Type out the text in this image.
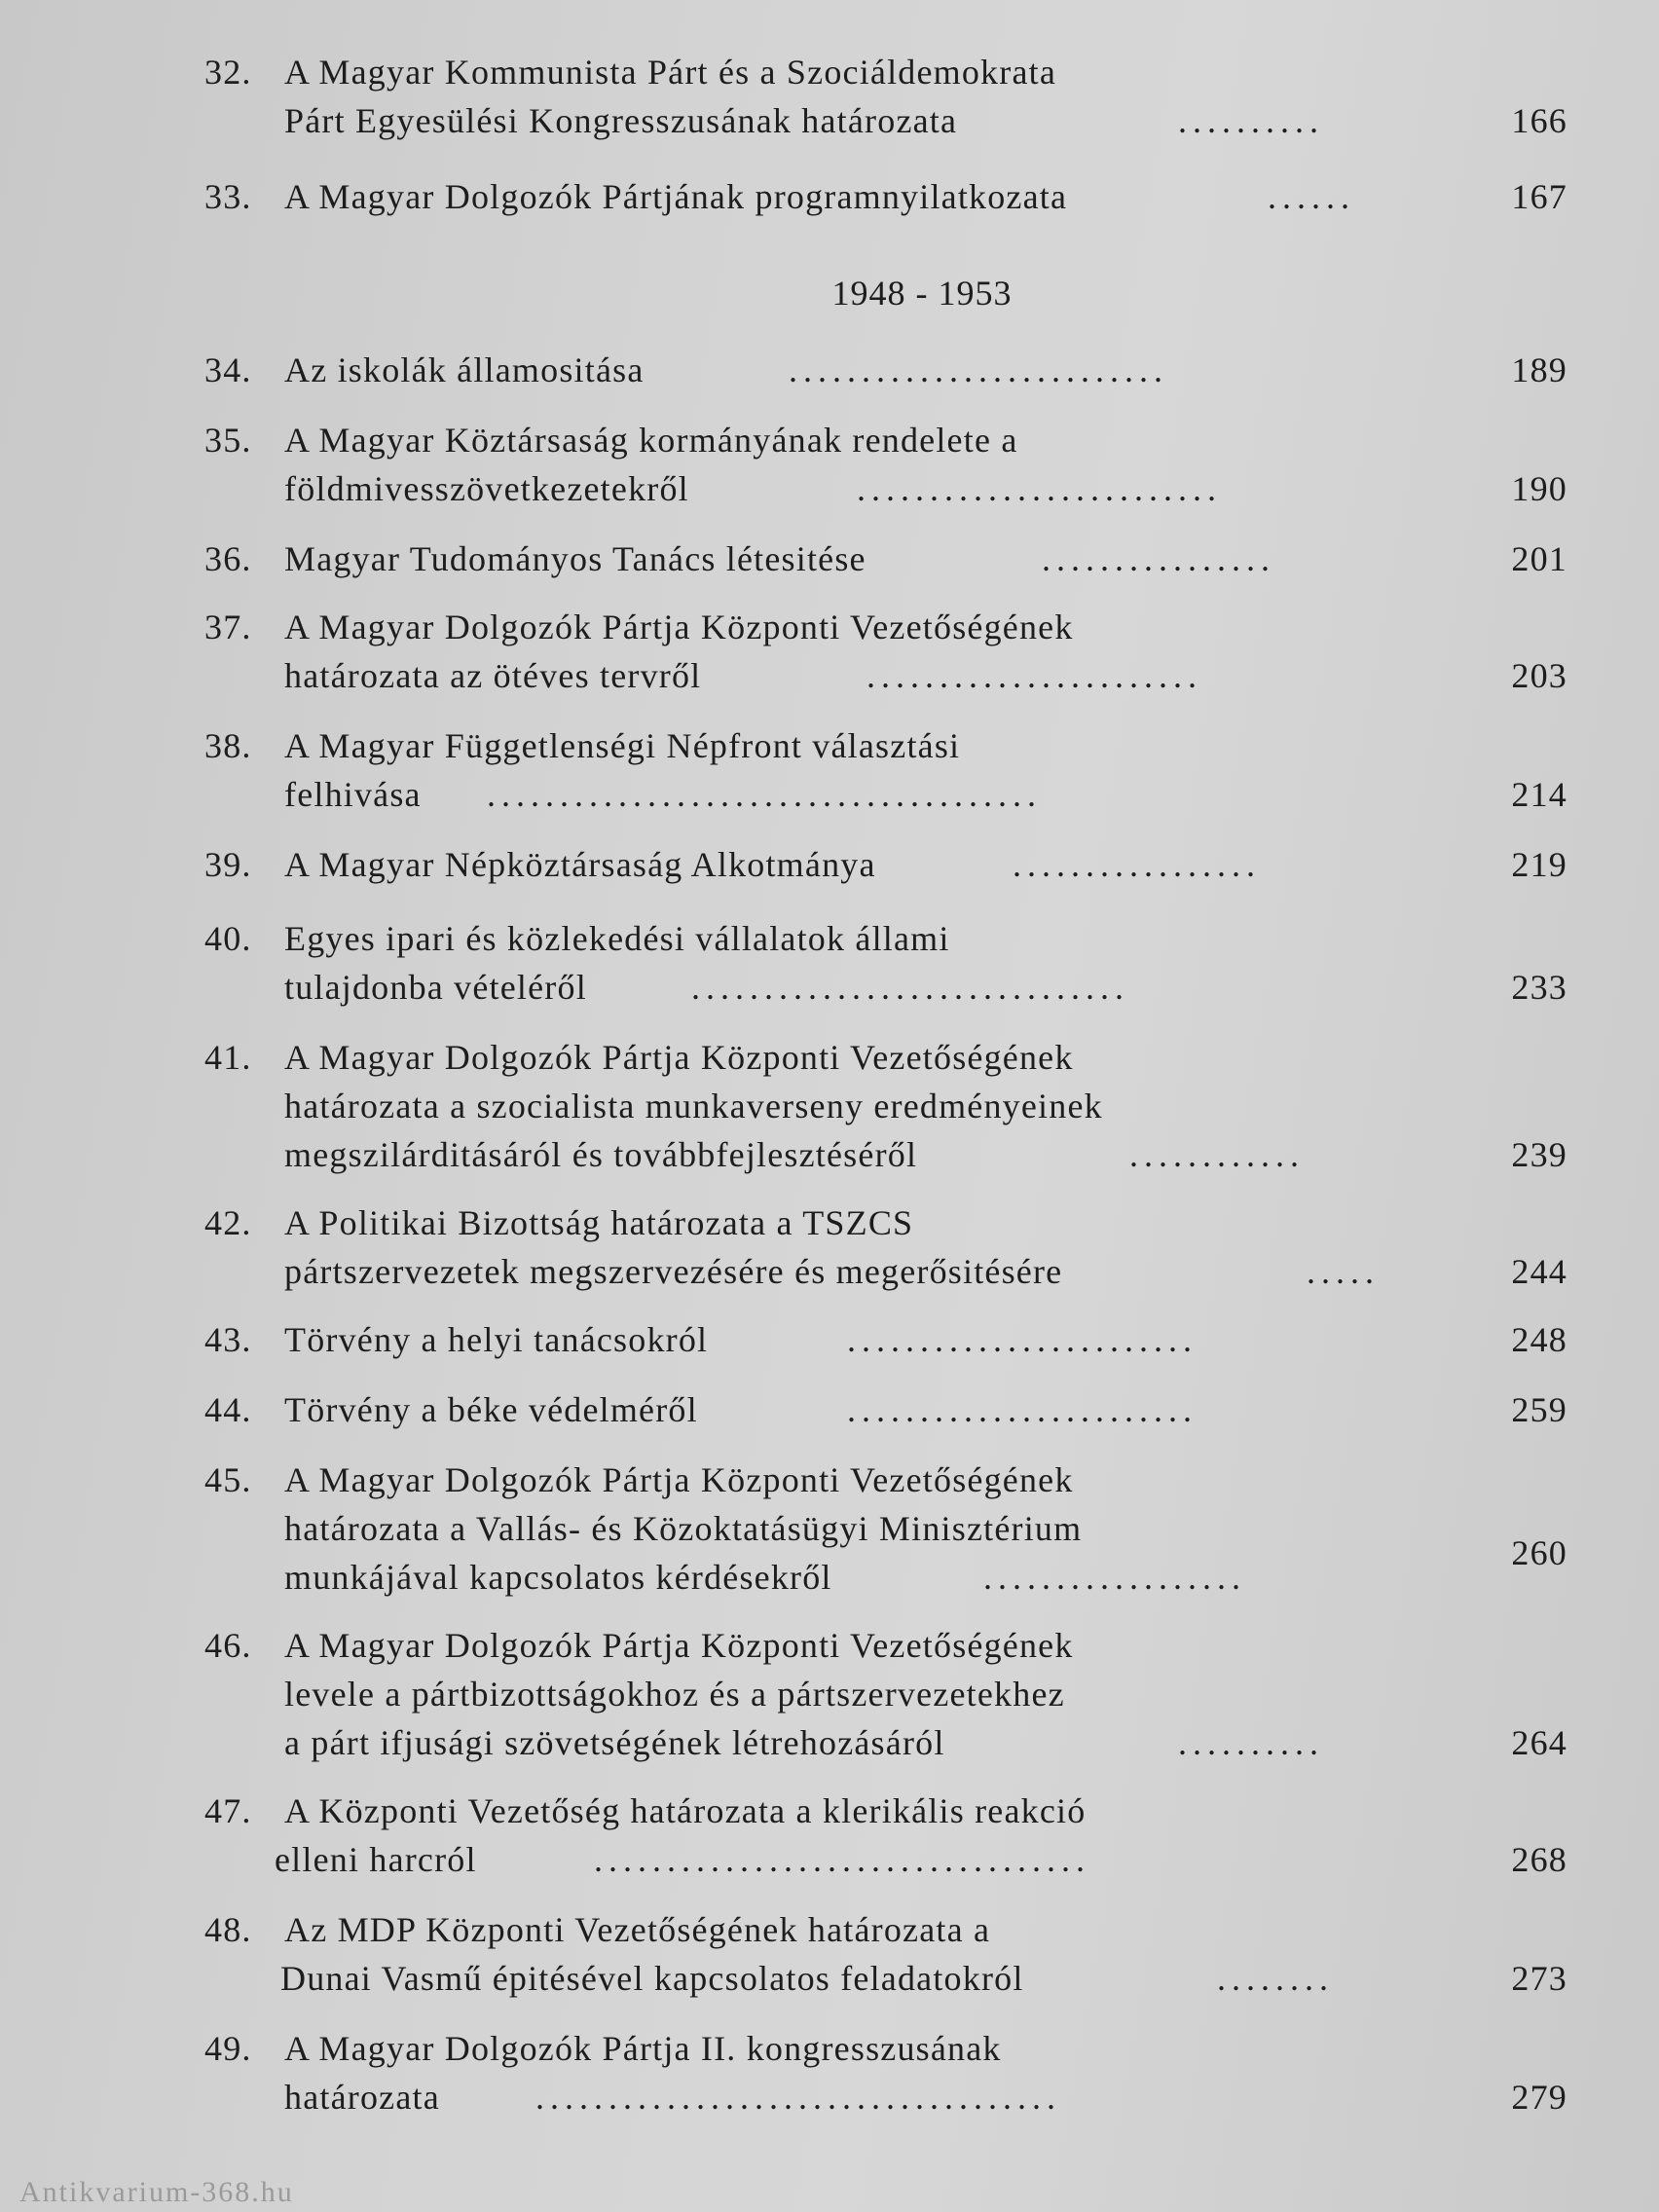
1948 - 1953
32. A Magyar Kommunista Párt és a Szociáldemokrata
Párt Egyesülési Kongresszusának határozata	..........	166
33. A Magyar Dolgozók Pártjának programnyilatkozata	......	167
34. Az iskolák államositása	..........................	189
35. A Magyar Köztársaság kormányának rendelete a
földmivesszövetkezetekről	.........................	190
36. Magyar Tudományos Tanács létesitése	................	201
37. A Magyar Dolgozók Pártja Központi Vezetőségének
határozata az ötéves tervről	.......................	203
38. A Magyar Függetlenségi Népfront választási
felhivása ......................................	214
39. A Magyar Népköztársaság Alkotmánya	.................	219
40. Egyes ipari és közlekedési vállalatok állami
tulajdonba vételéről	..............................	233
41. A Magyar Dolgozók Pártja Központi Vezetőségének
határozata a szocialista munkaverseny eredményeinek
megszilárditásáról és továbbfejlesztéséről	............	239
42. A Politikai Bizottság határozata a TSZCS
pártszervezetek megszervezésére és megerősitésére	.....	244
43. Törvény a helyi tanácsokról	........................	248
44. Törvény a béke védelméről	........................	259
45. A Magyar Dolgozók Pártja Központi Vezetőségének
határozata a Vallás- és Közoktatásügyi Minisztérium
munkájával kapcsolatos kérdésekről	..................
260
46. A Magyar Dolgozók Pártja Központi Vezetőségének
levele a pártbizottságokhoz és a pártszervezetekhez
a párt ifjusági szövetségének létrehozásáról	..........	264
47. A Központi Vezetőség határozata a klerikális reakció
elleni harcról	..................................	268
48. Az MDP Központi Vezetőségének határozata a
Dunai Vasmű épitésével kapcsolatos feladatokról	........	273
49. A Magyar Dolgozók Pártja II. kongresszusának
határozata	....................................	279
Antikvarium-368.hu
